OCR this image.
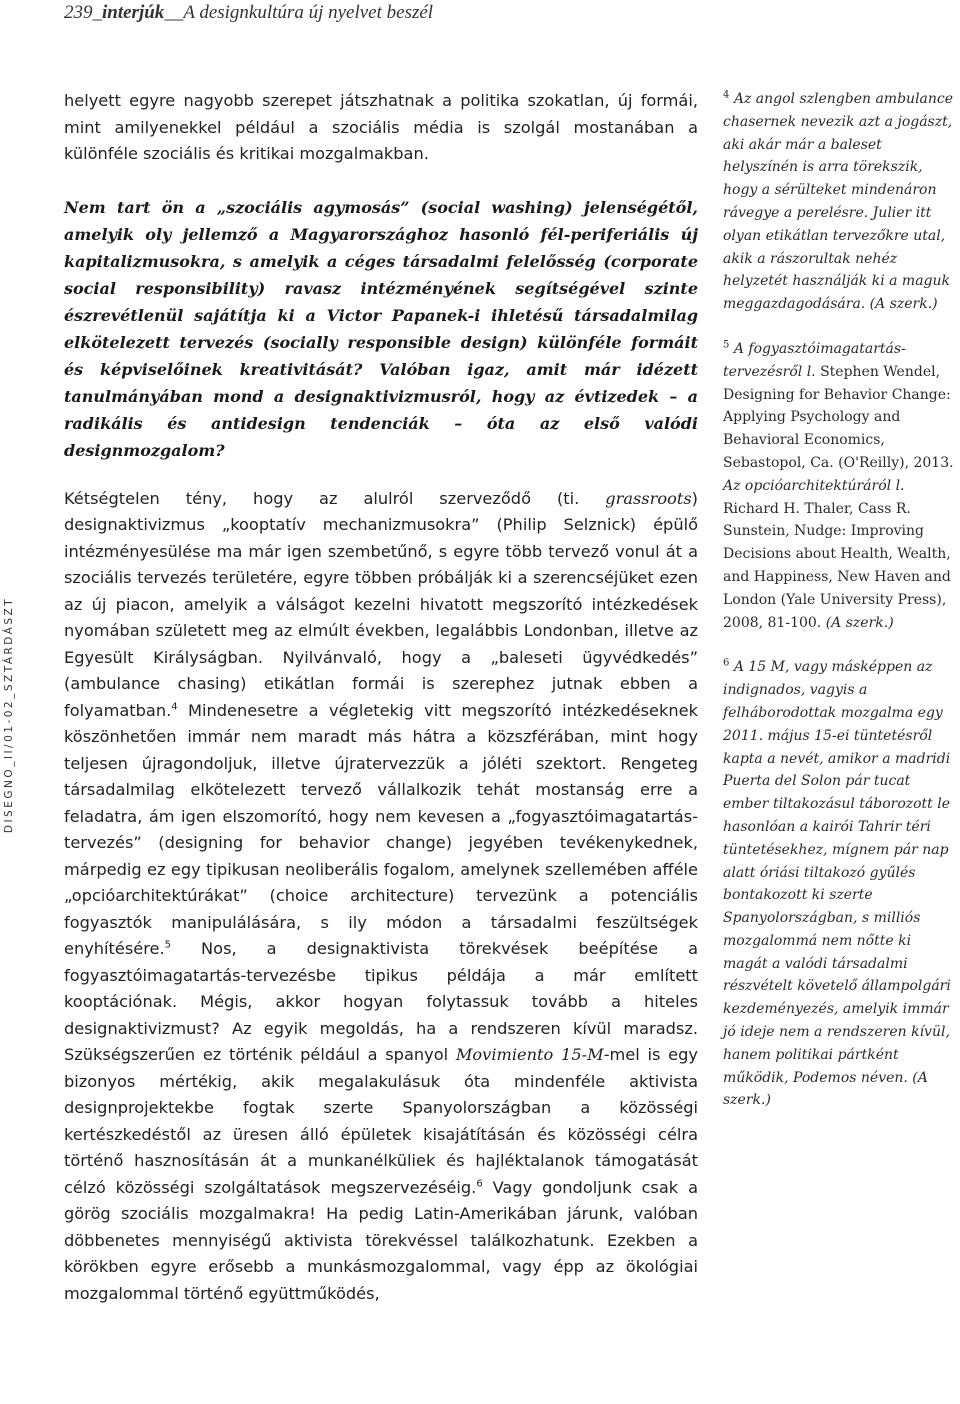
239_interjúk__A designkultúra új nyelvet beszél
DISEGNO_II/01-02_SZTÁRDÁSZT

helyett egyre nagyobb szerepet játszhatnak a politika szokatlan, új formái, mint amilyenekkel például a szociális média is szolgál mostanában a különféle szociális és kritikai mozgalmakban.

Nem tart ön a „szociális agymosás” (social washing) jelenségétől, amelyik oly jellemző a Magyarországhoz hasonló fél-periferiális új kapitalizmusokra, s amelyik a céges társadalmi felelősség (corporate social responsibility) ravasz intézményének segítségével szinte észrevétlenül sajátítja ki a Victor Papanek-i ihletésű társadalmilag elkötelezett tervezés (socially responsible design) különféle formáit és képviselőinek kreativitását? Valóban igaz, amit már idézett tanulmányában mond a designaktivizmusról, hogy az évtizedek – a radikális és antidesign tendenciák – óta az első valódi designmozgalom?

Kétségtelen tény, hogy az alulról szerveződő (ti. grassroots) designaktivizmus „kooptatív mechanizmusokra” (Philip Selznick) épülő intézményesülése ma már igen szembetűnő, s egyre több tervező vonul át a szociális tervezés területére, egyre többen próbálják ki a szerencséjüket ezen az új piacon, amelyik a válságot kezelni hivatott megszorító intézkedések nyomában született meg az elmúlt években, legalábbis Londonban, illetve az Egyesült Királyságban. Nyilvánvaló, hogy a „baleseti ügyvédkedés” (ambulance chasing) etikátlan formái is szerephez jutnak ebben a folyamatban.$^4$ Mindenesetre a végletekig vitt megszorító intézkedéseknek köszönhetően immár nem maradt más hátra a közszférában, mint hogy teljesen újragondoljuk, illetve újratervezzük a jóléti szektort. Rengeteg társadalmilag elkötelezett tervező vállalkozik tehát mostanság erre a feladatra, ám igen elszomorító, hogy nem kevesen a „fogyasztóimagatartás-tervezés” (designing for behavior change) jegyében tevékenykednek, márpedig ez egy tipikusan neoliberális fogalom, amelynek szellemében afféle „opcióarchitektúrákat” (choice architecture) tervezünk a potenciális fogyasztók manipulálására, s ily módon a társadalmi feszültségek enyhítésére.$^5$ Nos, a designaktivista törekvések beépítése a fogyasztóimagatartás-tervezésbe tipikus példája a már említett kooptációnak. Mégis, akkor hogyan folytassuk tovább a hiteles designaktivizmust? Az egyik megoldás, ha a rendszeren kívül maradsz. Szükségszerűen ez történik például a spanyol Movimiento 15-M-mel is egy bizonyos mértékig, akik megalakulásuk óta mindenféle aktivista designprojektekbe fogtak szerte Spanyolországban a közösségi kertészkedéstől az üresen álló épületek kisajátításán és közösségi célra történő hasznosításán át a munkanélküliek és hajléktalanok támogatását célzó közösségi szolgáltatások megszervezéséig.$^6$ Vagy gondoljunk csak a görög szociális mozgalmakra! Ha pedig Latin-Amerikában járunk, valóban döbbenetes mennyiségű aktivista törekvéssel találkozhatunk. Ezekben a körökben egyre erősebb a munkásmozgalommal, vagy épp az ökológiai mozgalommal történő együttműködés,

$^4$ Az angol szlengben ambulance chasernek nevezik azt a jogászt, aki akár már a baleset helyszínén is arra törekszik, hogy a sérülteket mindenáron rávegye a perelésre. Julier itt olyan etikátlan tervezőkre utal, akik a rászorultak nehéz helyzetét használják ki a maguk meggazdagodására. (A szerk.)

$^5$ A fogyasztóimagatartás-tervezésről l. Stephen Wendel, Designing for Behavior Change: Applying Psychology and Behavioral Economics, Sebastopol, Ca. (O'Reilly), 2013. Az opcióarchitektúráról l. Richard H. Thaler, Cass R. Sunstein, Nudge: Improving Decisions about Health, Wealth, and Happiness, New Haven and London (Yale University Press), 2008, 81-100. (A szerk.)

$^6$ A 15 M, vagy másképpen az indignados, vagyis a felháborodottak mozgalma egy 2011. május 15-ei tüntetésről kapta a nevét, amikor a madridi Puerta del Solon pár tucat ember tiltakozásul táborozott le hasonlóan a kairói Tahrir téri tüntetésekhez, mígnem pár nap alatt óriási tiltakozó gyűlés bontakozott ki szerte Spanyolországban, s milliós mozgalommá nem nőtte ki magát a valódi társadalmi részvételt követelő állampolgári kezdeményezés, amelyik immár jó ideje nem a rendszeren kívül, hanem politikai pártként működik, Podemos néven. (A szerk.)
